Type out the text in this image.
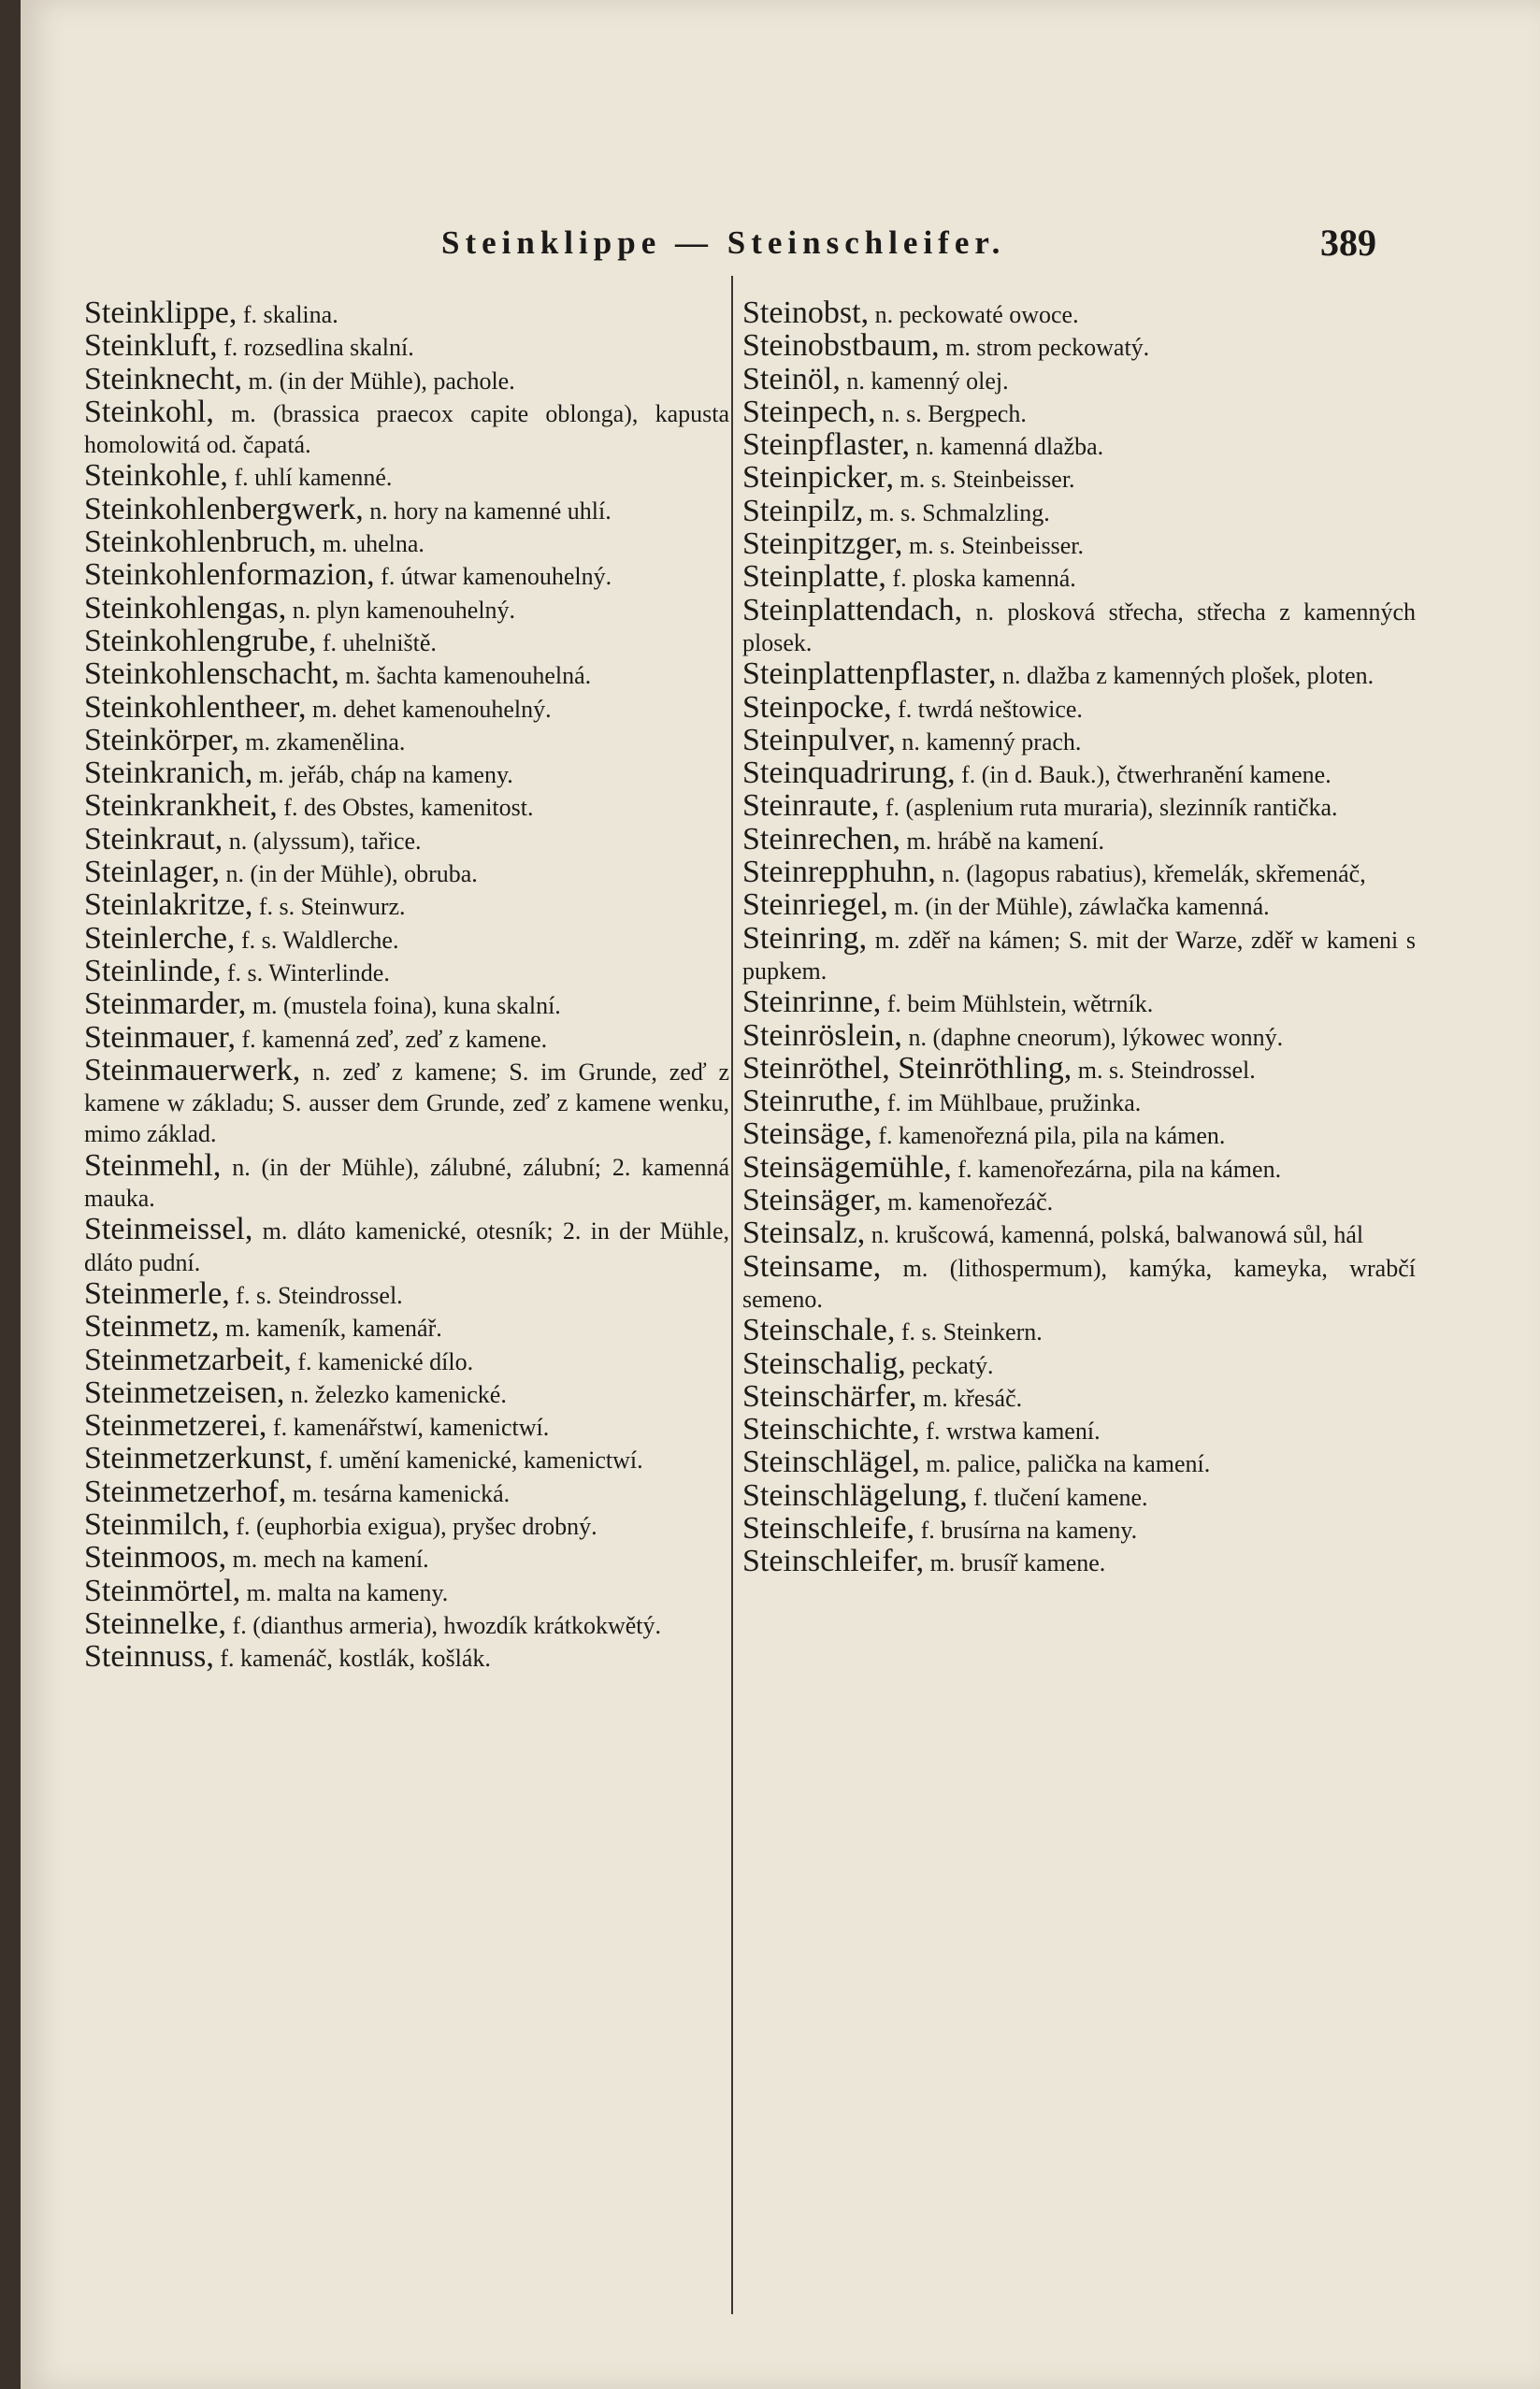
Steinklippe — Steinschleifer.	389

Steinklippe, f. skalina.

Steinkluft, f. rozsedlina skalní.

Steinknecht, m. (in der Mühle), pachole.

Steinkohl, m. (brassica praecox capite oblonga), kapusta homolowitá od. čapatá.

Steinkohle, f. uhlí kamenné.

Steinkohlenbergwerk, n. hory na kamenné uhlí.

Steinkohlenbruch, m. uhelna.

Steinkohlenformazion, f. útwar kamenouhelný.

Steinkohlengas, n. plyn kamenouhelný.

Steinkohlengrube, f. uhelniště.

Steinkohlenschacht, m. šachta kamenouhelná.

Steinkohlentheer, m. dehet kamenouhelný.

Steinkörper, m. zkamenělina.

Steinkranich, m. jeřáb, cháp na kameny.

Steinkrankheit, f. des Obstes, kamenitost.

Steinkraut, n. (alyssum), tařice.

Steinlager, n. (in der Mühle), obruba.

Steinlakritze, f. s. Steinwurz.

Steinlerche, f. s. Waldlerche.

Steinlinde, f. s. Winterlinde.

Steinmarder, m. (mustela foina), kuna skalní.

Steinmauer, f. kamenná zeď, zeď z kamene.

Steinmauerwerk, n. zeď z kamene; S. im Grunde, zeď z kamene w základu; S. ausser dem Grunde, zeď z kamene wenku, mimo základ.

Steinmehl, n. (in der Mühle), zálubné, zálubní; 2. kamenná mauka.

Steinmeissel, m. dláto kamenické, otesník; 2. in der Mühle, dláto pudní.

Steinmerle, f. s. Steindrossel.

Steinmetz, m. kameník, kamenář.

Steinmetzarbeit, f. kamenické dílo.

Steinmetzeisen, n. železko kamenické.

Steinmetzerei, f. kamenářstwí, kamenictwí.

Steinmetzerkunst, f. umění kamenické, kamenictwí.

Steinmetzerhof, m. tesárna kamenická.

Steinmilch, f. (euphorbia exigua), pryšec drobný.

Steinmoos, m. mech na kamení.

Steinmörtel, m. malta na kameny.

Steinnelke, f. (dianthus armeria), hwozdík krátkokwětý.

Steinnuss, f. kamenáč, kostlák, košlák.

Steinobst, n. peckowaté owoce.

Steinobstbaum, m. strom peckowatý.

Steinöl, n. kamenný olej.

Steinpech, n. s. Bergpech.

Steinpflaster, n. kamenná dlažba.

Steinpicker, m. s. Steinbeisser.

Steinpilz, m. s. Schmalzling.

Steinpitzger, m. s. Steinbeisser.

Steinplatte, f. ploska kamenná.

Steinplattendach, n. plosková střecha, střecha z kamenných plosek.

Steinplattenpflaster, n. dlažba z kamenných plošek, ploten.

Steinpocke, f. twrdá neštowice.

Steinpulver, n. kamenný prach.

Steinquadrirung, f. (in d. Bauk.), čtwerhranění kamene.

Steinraute, f. (asplenium ruta muraria), slezinník rantička.

Steinrechen, m. hrábě na kamení.

Steinrepphuhn, n. (lagopus rabatius), křemelák, skřemenáč,

Steinriegel, m. (in der Mühle), záwlačka kamenná.

Steinring, m. zděř na kámen; S. mit der Warze, zděř w kameni s pupkem.

Steinrinne, f. beim Mühlstein, wětrník.

Steinröslein, n. (daphne cneorum), lýkowec wonný.

Steinröthel, Steinröthling, m. s. Steindrossel.

Steinruthe, f. im Mühlbaue, pružinka.

Steinsäge, f. kamenořezná pila, pila na kámen.

Steinsägemühle, f. kamenořezárna, pila na kámen.

Steinsäger, m. kamenořezáč.

Steinsalz, n. krušcowá, kamenná, polská, balwanowá sůl, hál

Steinsame, m. (lithospermum), kamýka, kameyka, wrabčí semeno.

Steinschale, f. s. Steinkern.

Steinschalig, peckatý.

Steinschärfer, m. křesáč.

Steinschichte, f. wrstwa kamení.

Steinschlägel, m. palice, palička na kamení.

Steinschlägelung, f. tlučení kamene.

Steinschleife, f. brusírna na kameny.

Steinschleifer, m. brusíř kamene.
